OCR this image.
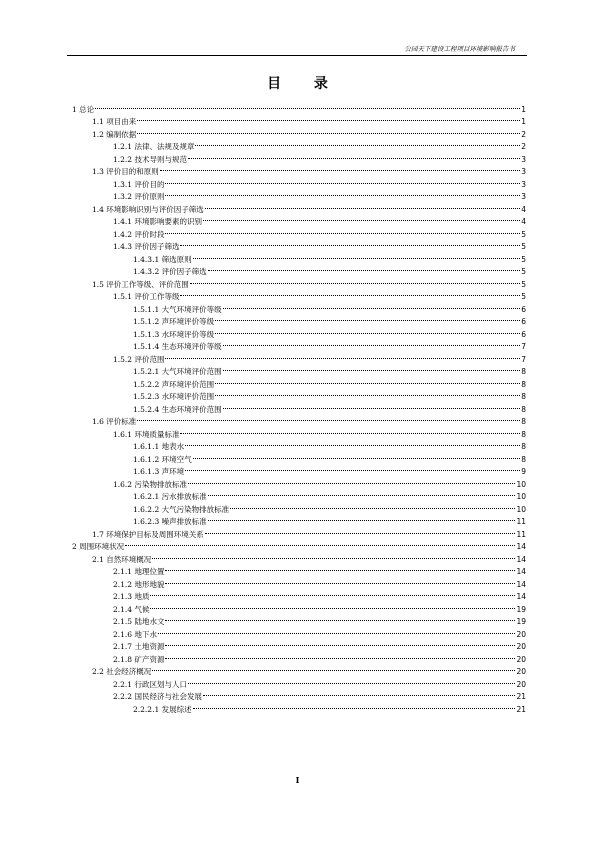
公园天下建设工程项目环境影响报告书
目 录
1 总论	1
1.1 项目由来	1
1.2 编制依据	2
1.2.1 法律、法规及规章	2
1.2.2 技术导则与规范	3
1.3 评价目的和原则	3
1.3.1 评价目的	3
1.3.2 评价原则	3
1.4 环境影响识别与评价因子筛选	4
1.4.1 环境影响要素的识别	4
1.4.2 评价时段	5
1.4.3 评价因子筛选	5
1.4.3.1 筛选原则	5
1.4.3.2 评价因子筛选	5
1.5 评价工作等级、评价范围	5
1.5.1 评价工作等级	5
1.5.1.1 大气环境评价等级	6
1.5.1.2 声环境评价等级	6
1.5.1.3 水环境评价等级	6
1.5.1.4 生态环境评价等级	7
1.5.2 评价范围	7
1.5.2.1 大气环境评价范围	8
1.5.2.2 声环境评价范围	8
1.5.2.3 水环境评价范围	8
1.5.2.4 生态环境评价范围	8
1.6 评价标准	8
1.6.1 环境质量标准	8
1.6.1.1 地表水	8
1.6.1.2 环境空气	8
1.6.1.3 声环境	9
1.6.2 污染物排放标准	10
1.6.2.1 污水排放标准	10
1.6.2.2 大气污染物排放标准	10
1.6.2.3 噪声排放标准	11
1.7 环境保护目标及周围环境关系	11
2 周围环境状况	14
2.1 自然环境概况	14
2.1.1 地理位置	14
2.1.2 地形地貌	14
2.1.3 地质	14
2.1.4 气候	19
2.1.5 陆地水文	19
2.1.6 地下水	20
2.1.7 土地资源	20
2.1.8 矿产资源	20
2.2 社会经济概况	20
2.2.1 行政区划与人口	20
2.2.2 国民经济与社会发展	21
2.2.2.1 发展综述	21
I
